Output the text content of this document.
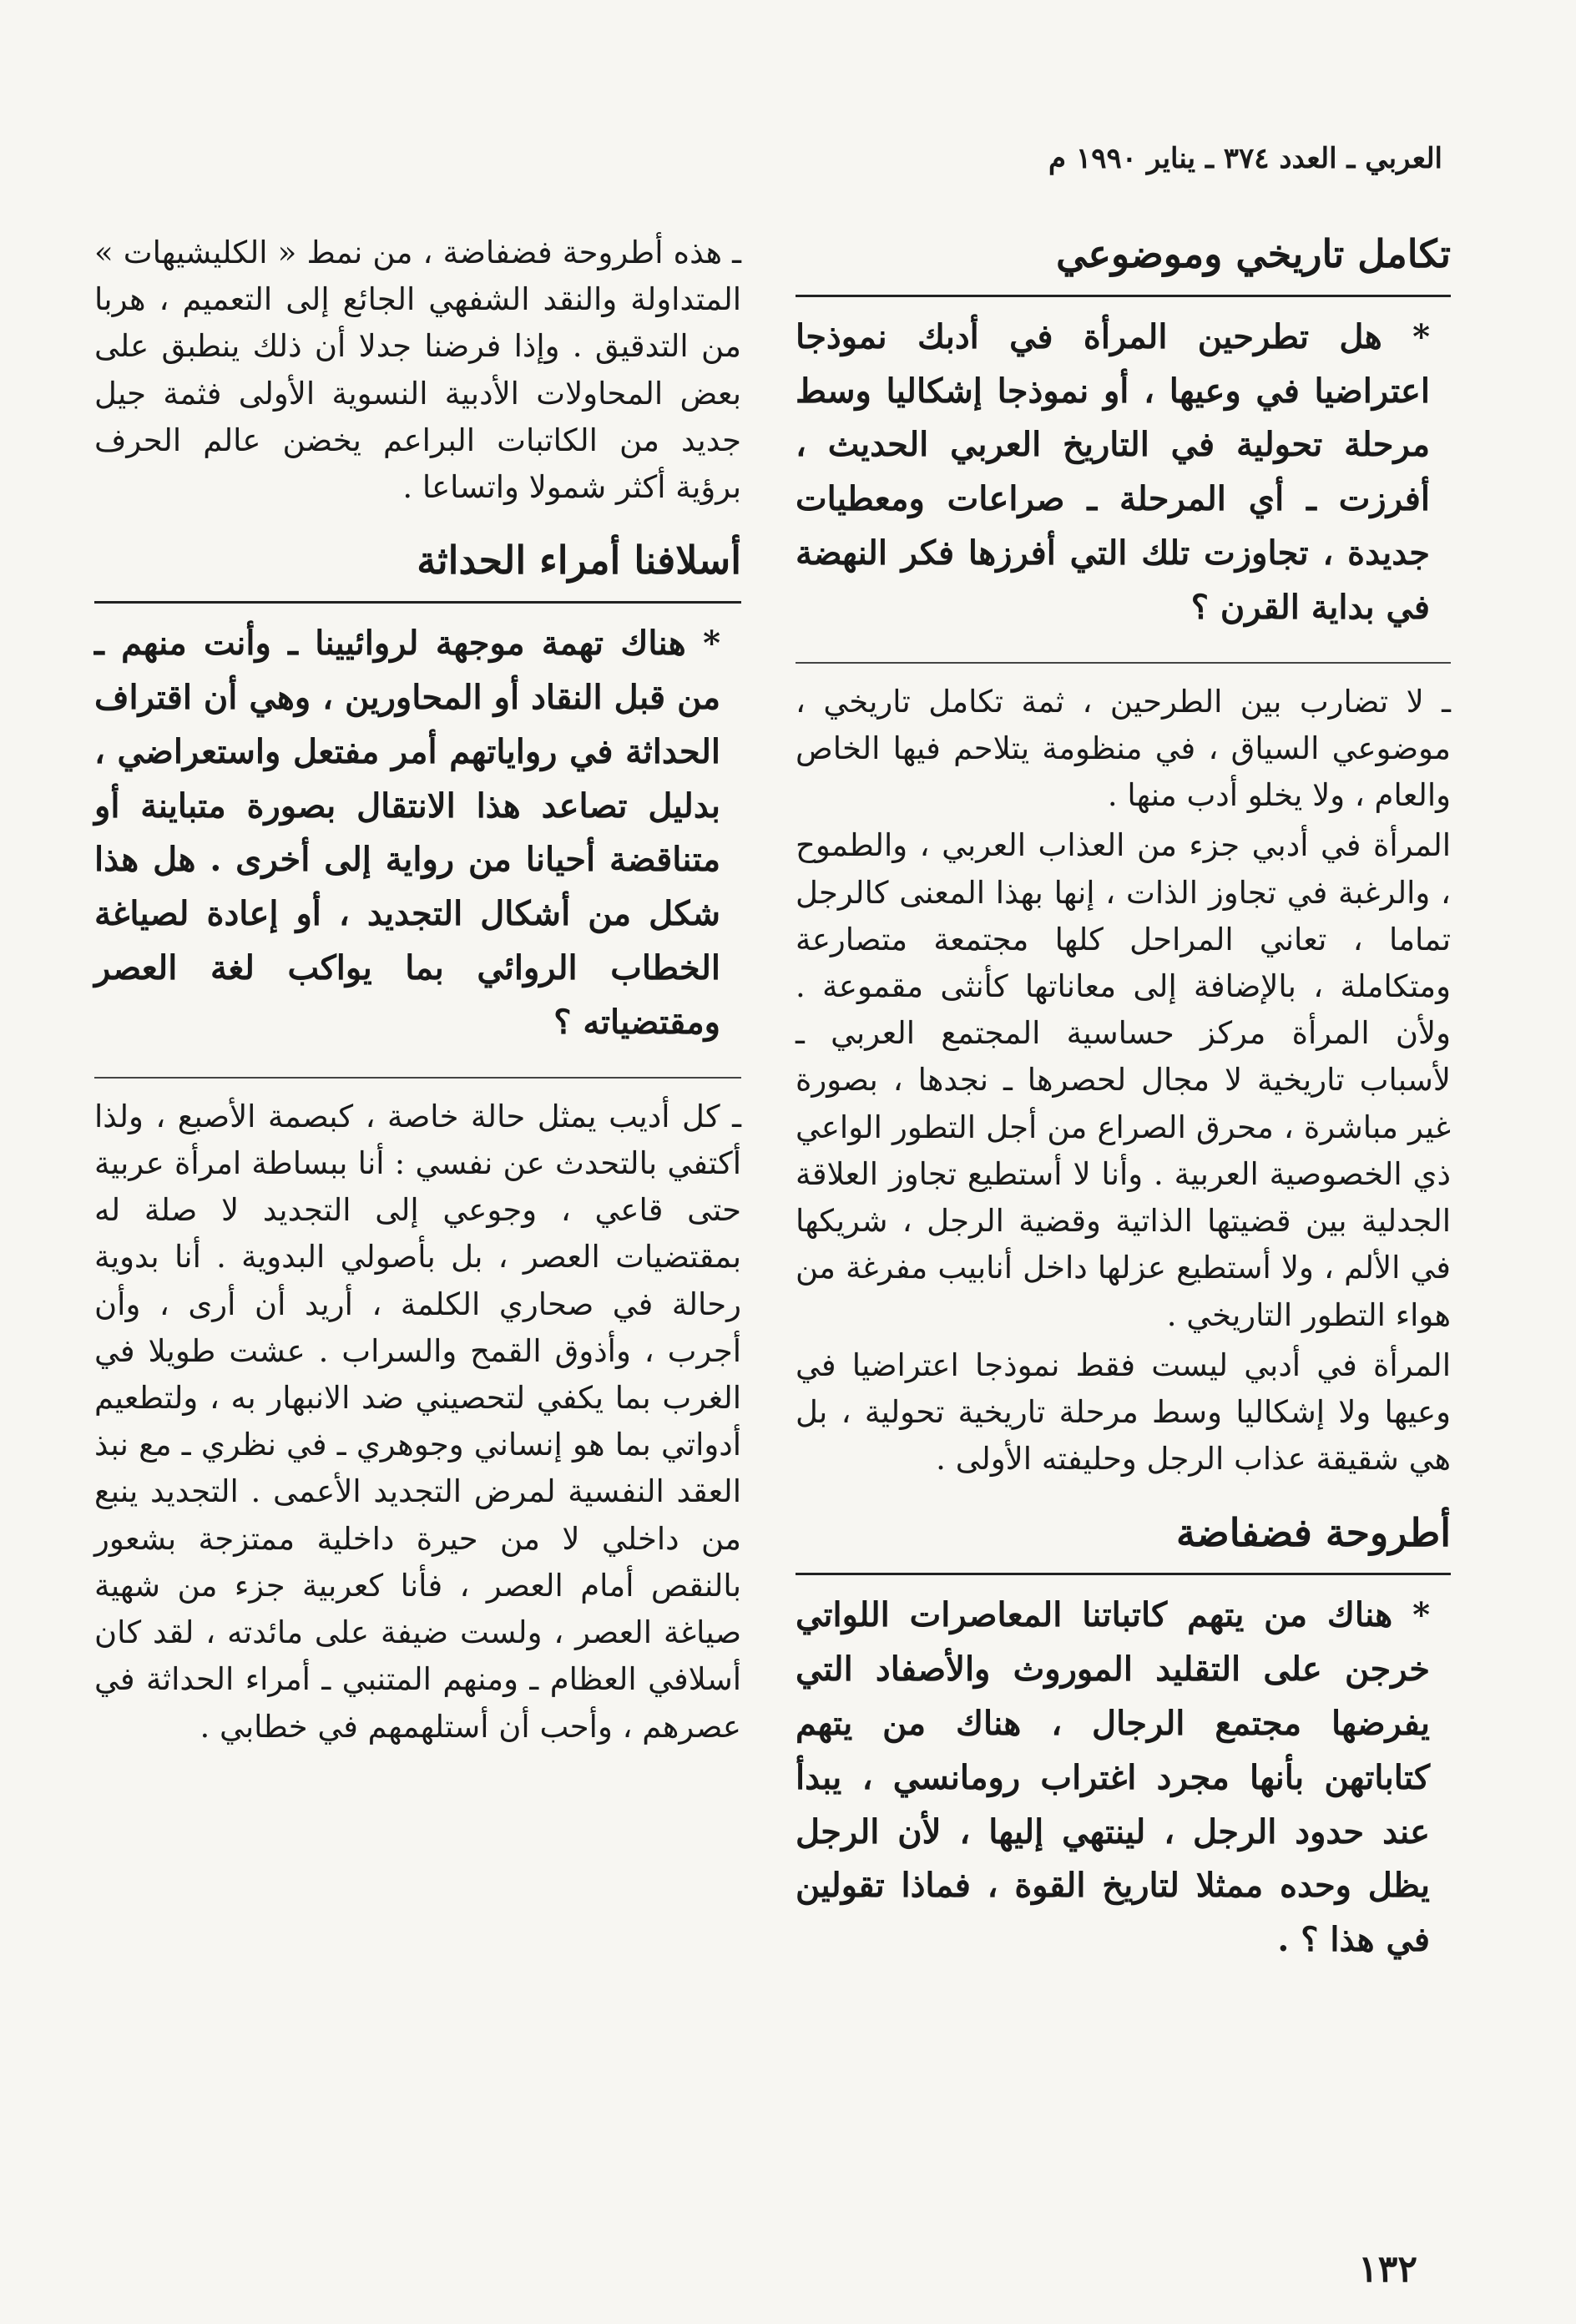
العربي ـ العدد ٣٧٤ ـ يناير ١٩٩٠ م
تكامل تاريخي وموضوعي
* هل تطرحين المرأة في أدبك نموذجا اعتراضيا في وعيها ، أو نموذجا إشكاليا وسط مرحلة تحولية في التاريخ العربي الحديث ، أفرزت ـ أي المرحلة ـ صراعات ومعطيات جديدة ، تجاوزت تلك التي أفرزها فكر النهضة في بداية القرن ؟

ـ لا تضارب بين الطرحين ، ثمة تكامل تاريخي ، موضوعي السياق ، في منظومة يتلاحم فيها الخاص والعام ، ولا يخلو أدب منها .

المرأة في أدبي جزء من العذاب العربي ، والطموح ، والرغبة في تجاوز الذات ، إنها بهذا المعنى كالرجل تماما ، تعاني المراحل كلها مجتمعة متصارعة ومتكاملة ، بالإضافة إلى معاناتها كأنثى مقموعة . ولأن المرأة مركز حساسية المجتمع العربي ـ لأسباب تاريخية لا مجال لحصرها ـ نجدها ، بصورة غير مباشرة ، محرق الصراع من أجل التطور الواعي ذي الخصوصية العربية . وأنا لا أستطيع تجاوز العلاقة الجدلية بين قضيتها الذاتية وقضية الرجل ، شريكها في الألم ، ولا أستطيع عزلها داخل أنابيب مفرغة من هواء التطور التاريخي .

المرأة في أدبي ليست فقط نموذجا اعتراضيا في وعيها ولا إشكاليا وسط مرحلة تاريخية تحولية ، بل هي شقيقة عذاب الرجل وحليفته الأولى .

أطروحة فضفاضة
* هناك من يتهم كاتباتنا المعاصرات اللواتي خرجن على التقليد الموروث والأصفاد التي يفرضها مجتمع الرجال ، هناك من يتهم كتاباتهن بأنها مجرد اغتراب رومانسي ، يبدأ عند حدود الرجل ، لينتهي إليها ، لأن الرجل يظل وحده ممثلا لتاريخ القوة ، فماذا تقولين في هذا ؟ .

ـ هذه أطروحة فضفاضة ، من نمط « الكليشيهات » المتداولة والنقد الشفهي الجائع إلى التعميم ، هربا من التدقيق . وإذا فرضنا جدلا أن ذلك ينطبق على بعض المحاولات الأدبية النسوية الأولى فثمة جيل جديد من الكاتبات البراعم يخضن عالم الحرف برؤية أكثر شمولا واتساعا .

أسلافنا أمراء الحداثة
* هناك تهمة موجهة لروائيينا ـ وأنت منهم ـ من قبل النقاد أو المحاورين ، وهي أن اقتراف الحداثة في رواياتهم أمر مفتعل واستعراضي ، بدليل تصاعد هذا الانتقال بصورة متباينة أو متناقضة أحيانا من رواية إلى أخرى . هل هذا شكل من أشكال التجديد ، أو إعادة لصياغة الخطاب الروائي بما يواكب لغة العصر ومقتضياته ؟

ـ كل أديب يمثل حالة خاصة ، كبصمة الأصبع ، ولذا أكتفي بالتحدث عن نفسي : أنا ببساطة امرأة عربية حتى قاعي ، وجوعي إلى التجديد لا صلة له بمقتضيات العصر ، بل بأصولي البدوية . أنا بدوية رحالة في صحاري الكلمة ، أريد أن أرى ، وأن أجرب ، وأذوق القمح والسراب . عشت طويلا في الغرب بما يكفي لتحصيني ضد الانبهار به ، ولتطعيم أدواتي بما هو إنساني وجوهري ـ في نظري ـ مع نبذ العقد النفسية لمرض التجديد الأعمى . التجديد ينبع من داخلي لا من حيرة داخلية ممتزجة بشعور بالنقص أمام العصر ، فأنا كعربية جزء من شهية صياغة العصر ، ولست ضيفة على مائدته ، لقد كان أسلافي العظام ـ ومنهم المتنبي ـ أمراء الحداثة في عصرهم ، وأحب أن أستلهمهم في خطابي .

١٣٢
